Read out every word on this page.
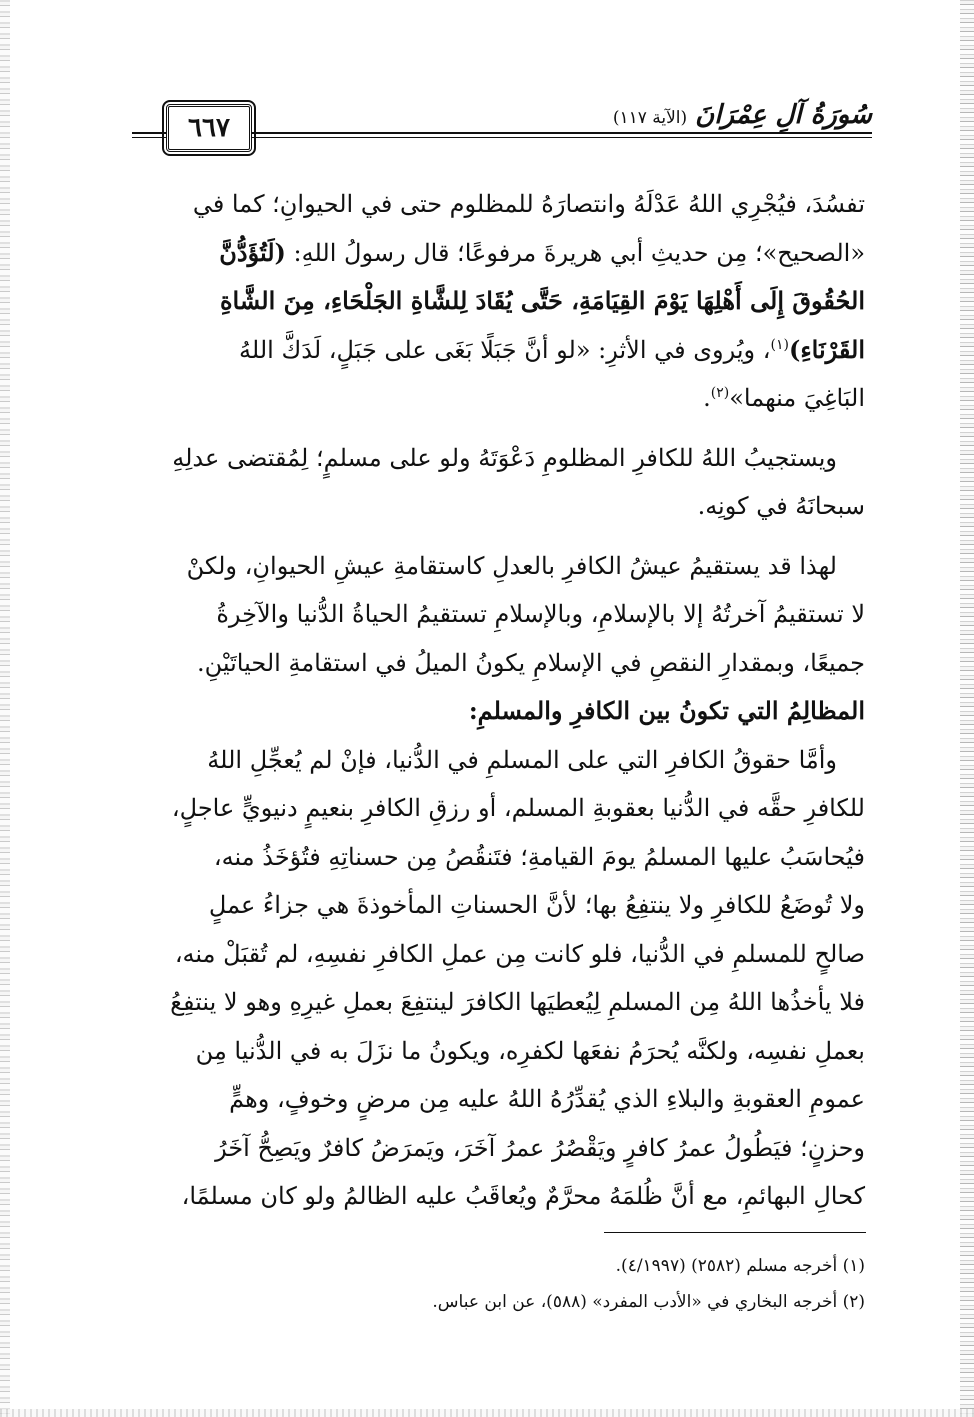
٦٦٧	سُورَةُ آلِ عِمْرَانَ
(الآية ١١٧)

تفسُدَ، فيُجْرِي اللهُ عَدْلَهُ وانتصارَهُ للمظلوم حتى في الحيوانِ؛ كما في

«الصحيح»؛ مِن حديثِ أبي هريرةَ مرفوعًا؛ قال رسولُ اللهِ: (لَتُؤَدُّنَّ

الحُقُوقَ إِلَى أَهْلِهَا يَوْمَ القِيَامَةِ، حَتَّى يُقَادَ لِلشَّاةِ الجَلْحَاءِ، مِنَ الشَّاةِ

القَرْنَاءِ)$^{(١)}$، ويُروى في الأثرِ: «لو أنَّ جَبَلًا بَغَى على جَبَلٍ، لَدَكَّ اللهُ

البَاغِيَ منهما»$^{(٢)}$.

ويستجيبُ اللهُ للكافرِ المظلومِ دَعْوَتَهُ ولو على مسلمٍ؛ لِمُقتضى عدلِهِ

سبحانَهُ في كونِه.

لهذا قد يستقيمُ عيشُ الكافرِ بالعدلِ كاستقامةِ عيشِ الحيوانِ، ولكنْ

لا تستقيمُ آخرتُهُ إلا بالإسلامِ، وبالإسلامِ تستقيمُ الحياةُ الدُّنيا والآخِرةُ

جميعًا، وبمقدارِ النقصِ في الإسلامِ يكونُ الميلُ في استقامةِ الحياتَيْنِ.

المظالِمُ التي تكونُ بين الكافرِ والمسلمِ:

وأمَّا حقوقُ الكافرِ التي على المسلمِ في الدُّنيا، فإنْ لم يُعجِّلِ اللهُ

للكافرِ حقَّه في الدُّنيا بعقوبةِ المسلم، أو رزقِ الكافرِ بنعيمٍ دنيويٍّ عاجلٍ،

فيُحاسَبُ عليها المسلمُ يومَ القيامةِ؛ فتَنقُصُ مِن حسناتِهِ فتُؤخَذُ منه،

ولا تُوضَعُ للكافرِ ولا ينتفِعُ بها؛ لأنَّ الحسناتِ المأخوذةَ هي جزاءُ عملٍ

صالحٍ للمسلمِ في الدُّنيا، فلو كانت مِن عملِ الكافرِ نفسِهِ، لم تُقبَلْ منه،

فلا يأخذُها اللهُ مِن المسلمِ لِيُعطيَها الكافرَ لينتفِعَ بعملِ غيرِهِ وهو لا ينتفِعُ

بعملِ نفسِه، ولكنَّه يُحرَمُ نفعَها لكفرِه، ويكونُ ما نزَلَ به في الدُّنيا مِن

عمومِ العقوبةِ والبلاءِ الذي يُقدِّرُهُ اللهُ عليه مِن مرضٍ وخوفٍ، وهمٍّ

وحزنٍ؛ فيَطُولُ عمرُ كافرٍ ويَقْصُرُ عمرُ آخَرَ، ويَمرَضُ كافرٌ ويَصِحُّ آخَرُ

كحالِ البهائمِ، مع أنَّ ظُلمَهُ محرَّمٌ ويُعاقَبُ عليه الظالمُ ولو كان مسلمًا،

(١) أخرجه مسلم (٢٥٨٢) (٤/١٩٩٧).

(٢) أخرجه البخاري في «الأدب المفرد» (٥٨٨)، عن ابن عباس.
